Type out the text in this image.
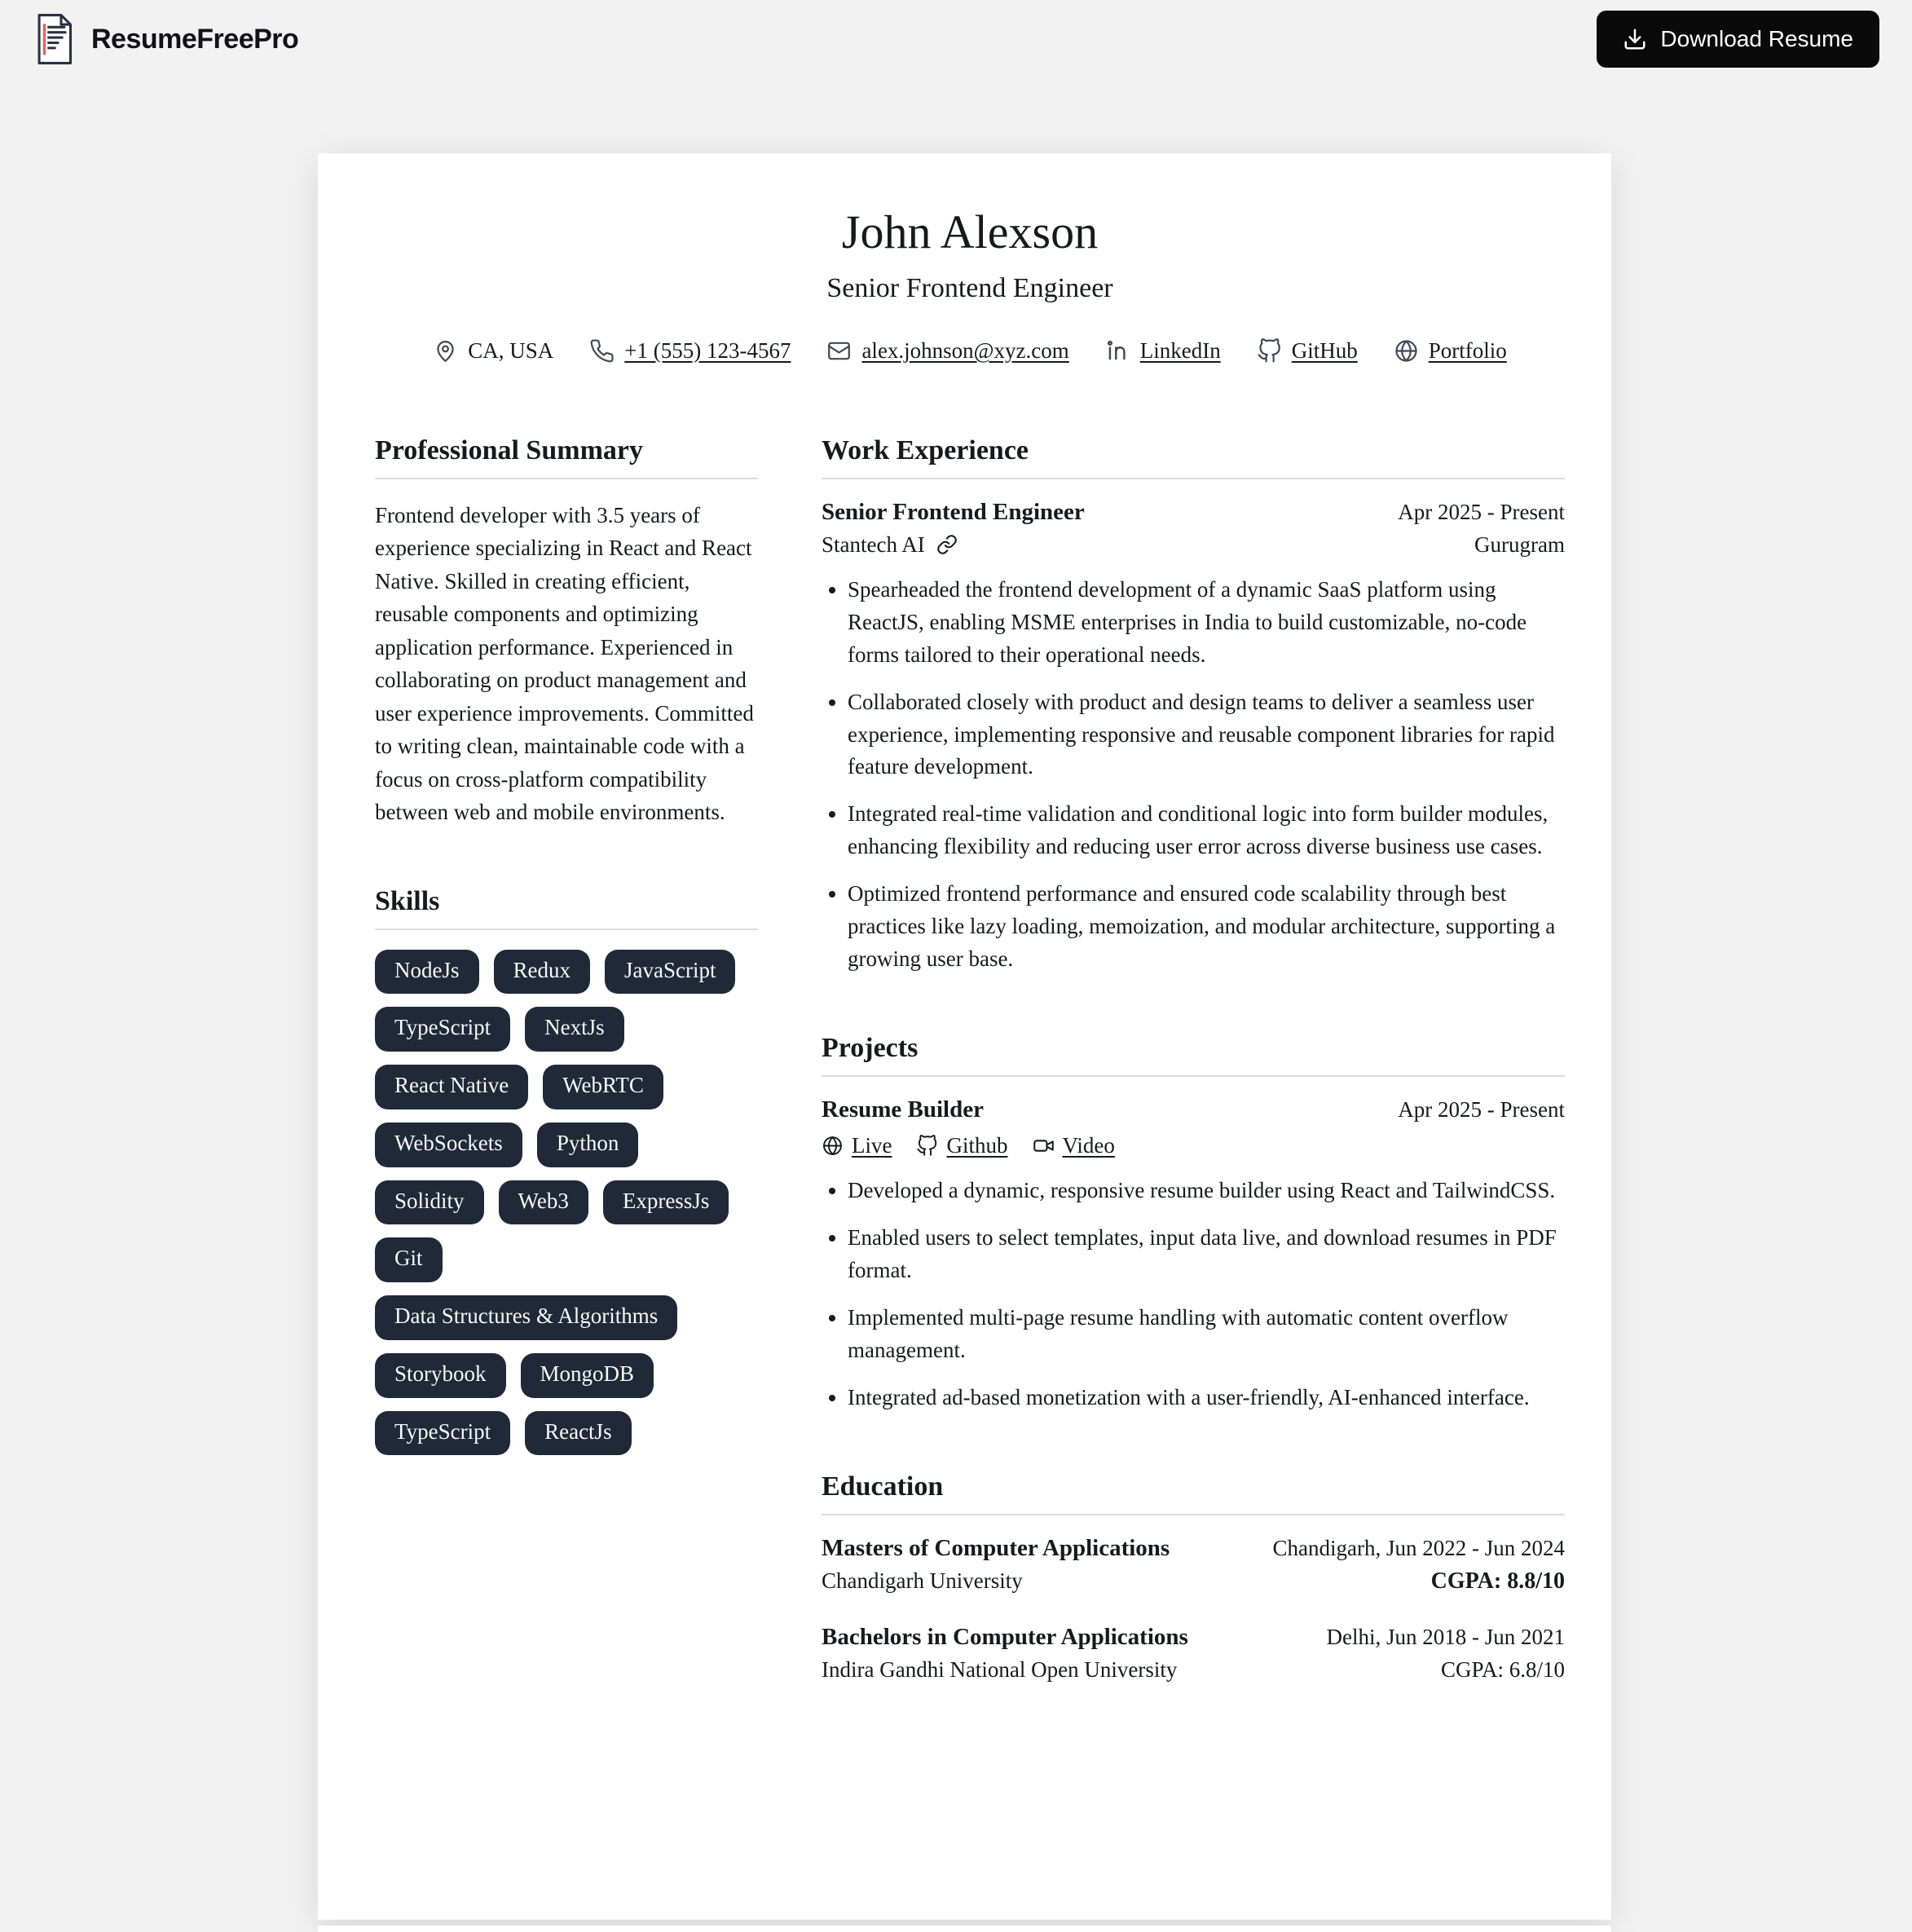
ResumeFreePro	Download Resume
John Alexson
Senior Frontend Engineer
CA, USA	+1 (555) 123-4567	alex.johnson@xyz.com	LinkedIn	GitHub	Portfolio
Professional Summary

Frontend developer with 3.5 years of experience specializing in React and React Native. Skilled in creating efficient, reusable components and optimizing application performance. Experienced in collaborating on product management and user experience improvements. Committed to writing clean, maintainable code with a focus on cross-platform compatibility between web and mobile environments.

Skills
NodeJs	Redux	JavaScript
TypeScript	NextJs
React Native	WebRTC
WebSockets	Python
Solidity	Web3	ExpressJs
Git
Data Structures & Algorithms
Storybook	MongoDB
TypeScript	ReactJs
Work Experience
Senior Frontend Engineer	Apr 2025 - Present
Stantech AI	Gurugram
• Spearheaded the frontend development of a dynamic SaaS platform using ReactJS, enabling MSME enterprises in India to build customizable, no-code forms tailored to their operational needs.
• Collaborated closely with product and design teams to deliver a seamless user experience, implementing responsive and reusable component libraries for rapid feature development.
• Integrated real-time validation and conditional logic into form builder modules, enhancing flexibility and reducing user error across diverse business use cases.
• Optimized frontend performance and ensured code scalability through best practices like lazy loading, memoization, and modular architecture, supporting a growing user base.
Projects
Resume Builder	Apr 2025 - Present
Live Github Video
• Developed a dynamic, responsive resume builder using React and TailwindCSS.
• Enabled users to select templates, input data live, and download resumes in PDF format.
• Implemented multi-page resume handling with automatic content overflow management.
• Integrated ad-based monetization with a user-friendly, AI-enhanced interface.
Education
Masters of Computer Applications	Chandigarh, Jun 2022 - Jun 2024
Chandigarh University	CGPA: 8.8/10
Bachelors in Computer Applications	Delhi, Jun 2018 - Jun 2021
Indira Gandhi National Open University	CGPA: 6.8/10
